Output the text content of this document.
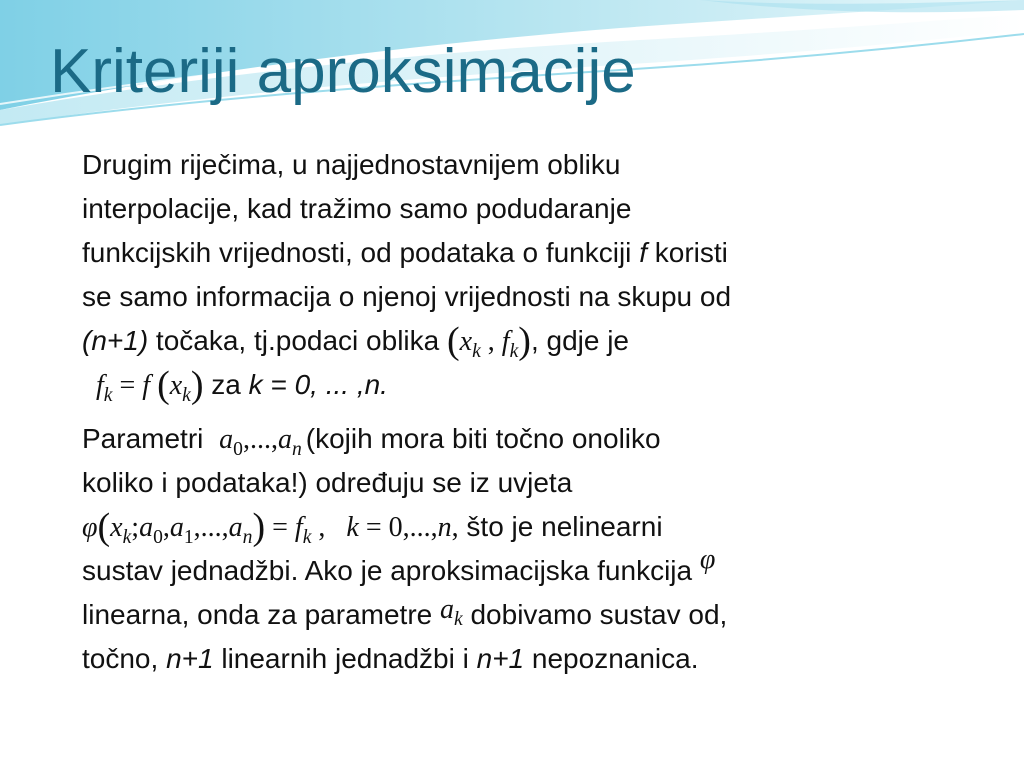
Kriteriji aproksimacije
Drugim riječima, u najjednostavnijem obliku
interpolacije, kad tražimo samo podudaranje
funkcijskih vrijednosti, od podataka o funkciji f koristi
se samo informacija o njenoj vrijednosti na skupu od
(n+1) točaka, tj.podaci oblika ($x_k$ , $f_k$), gdje je
$f_k = f$ $(x_k)$ za k = 0, ... ,n.
Parametri $a_0,...,a_n$ (kojih mora biti točno onoliko
koliko i podataka!) određuju se iz uvjeta
$\varphi(x_k;a_0,a_1,...,a_n) = f_k$ ,   k = 0,...,n, što je nelinearni
sustav jednadžbi. Ako je aproksimacijska funkcija φ
linearna, onda za parametre $a_k$ dobivamo sustav od,
točno, n+1 linearnih jednadžbi i n+1 nepoznanica.
